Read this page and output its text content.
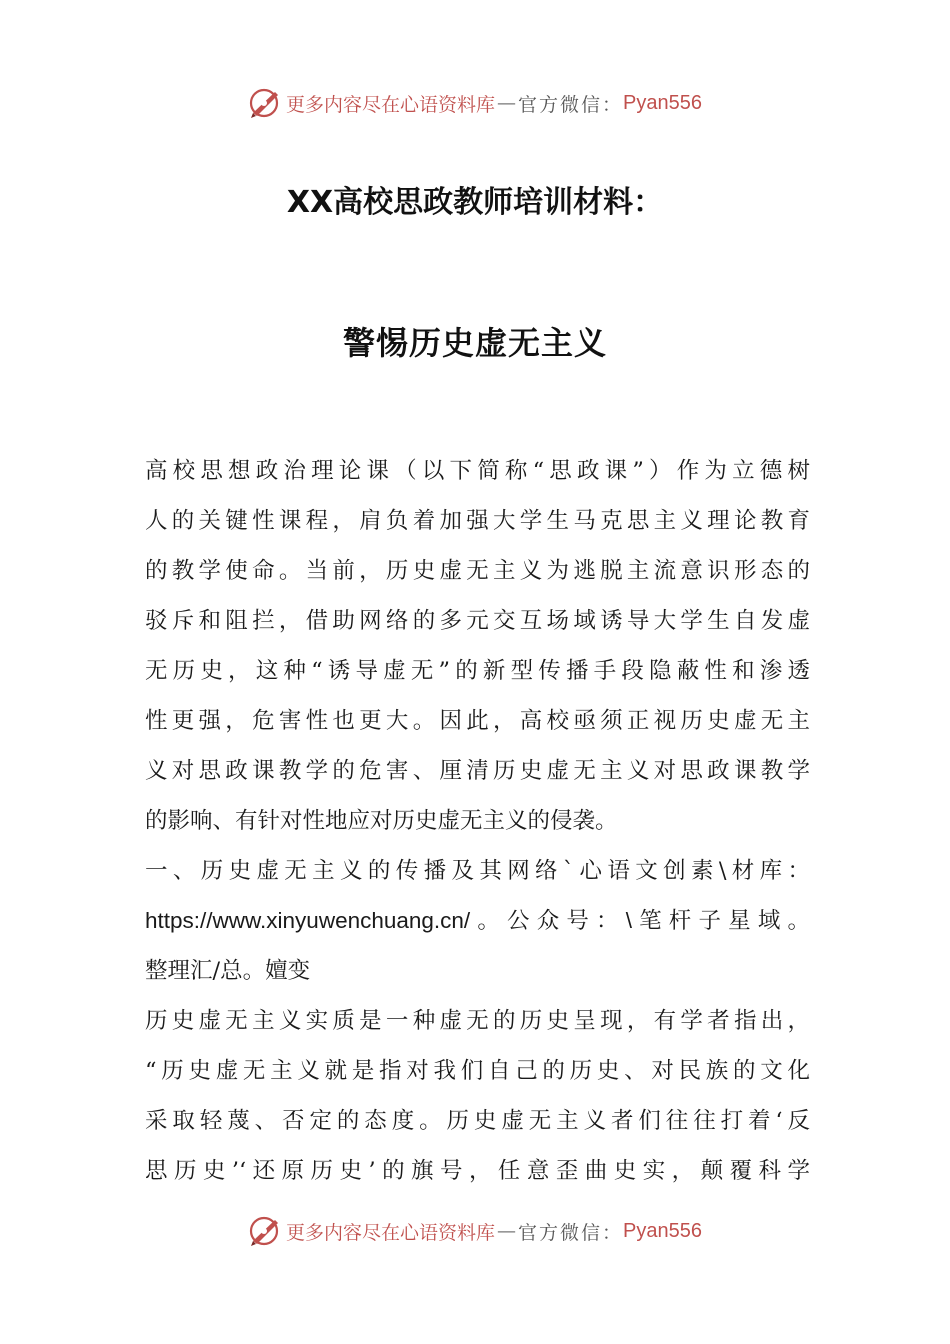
更多内容尽在心语资料库 — 官方微信： Pyan556
XX高校思政教师培训材料：
警惕历史虚无主义

高校思想政治理论课（以下简称“思政课”）作为立德树

人的关键性课程，肩负着加强大学生马克思主义理论教育

的教学使命。当前，历史虚无主义为逃脱主流意识形态的

驳斥和阻拦，借助网络的多元交互场域诱导大学生自发虚

无历史，这种“诱导虚无”的新型传播手段隐蔽性和渗透

性更强，危害性也更大。因此，高校亟须正视历史虚无主

义对思政课教学的危害、厘清历史虚无主义对思政课教学

的影响、有针对性地应对历史虚无主义的侵袭。

一、历史虚无主义的传播及其网络`心语文创素\材库：

https://www.xinyuwenchuang.cn/。公众号：\笔杆子星域。

整理汇/总。嬗变

历史虚无主义实质是一种虚无的历史呈现，有学者指出，

“历史虚无主义就是指对我们自己的历史、对民族的文化

采取轻蔑、否定的态度。历史虚无主义者们往往打着‘反

思历史’‘还原历史’的旗号，任意歪曲史实，颠覆科学

更多内容尽在心语资料库 — 官方微信： Pyan556
